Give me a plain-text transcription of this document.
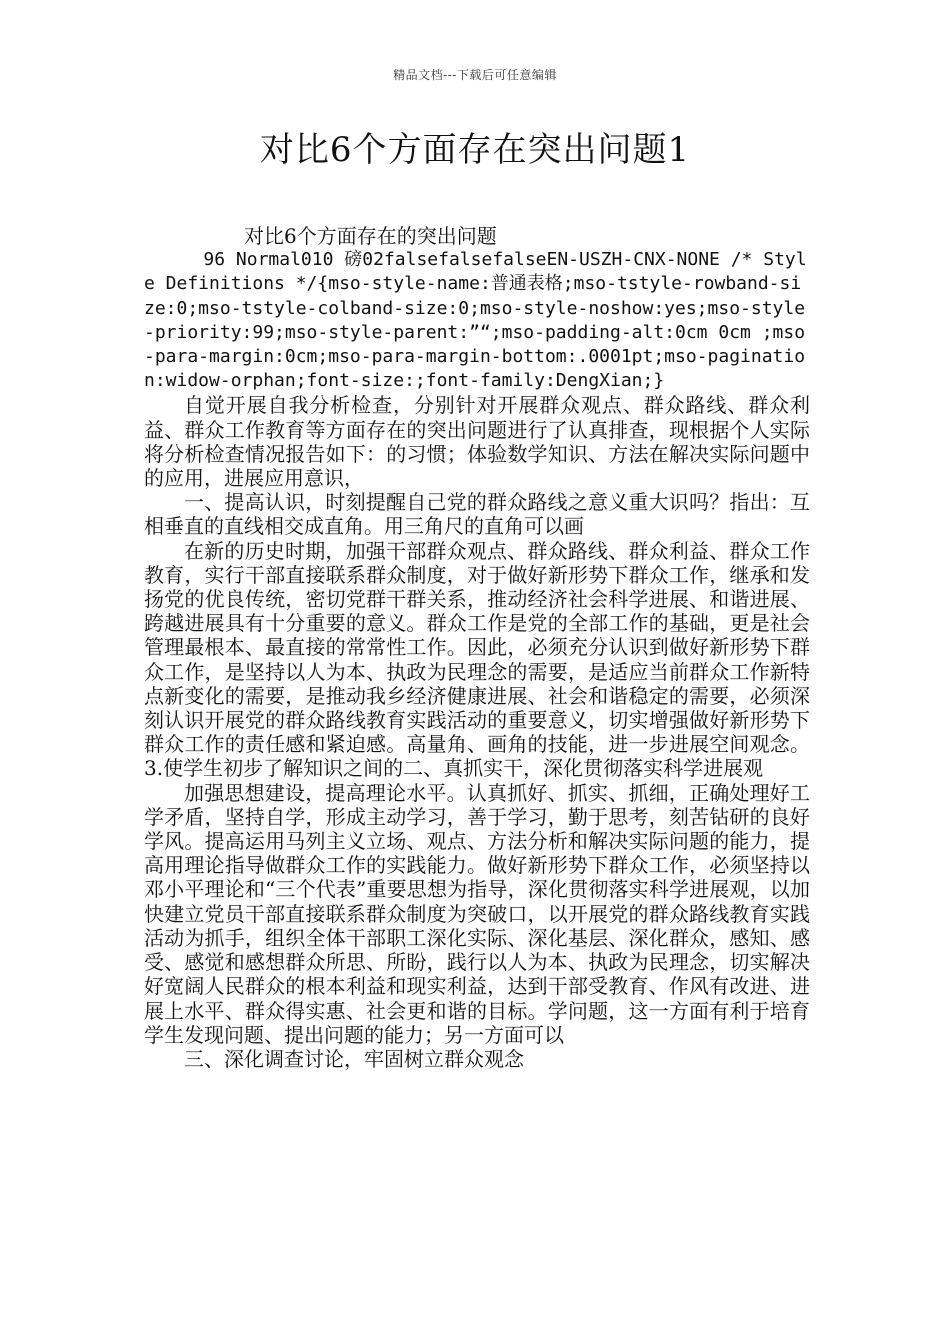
精品文档---下载后可任意编辑
对比6个方面存在突出问题1

对比6个方面存在的突出问题

96 Normal010 磅02falsefalsefalseEN-USZH-CNX-NONE /* Style Definitions */{mso-style-name:普通表格;mso-tstyle-rowband-size:0;mso-tstyle-colband-size:0;mso-style-noshow:yes;mso-style-priority:99;mso-style-parent:”“;mso-padding-alt:0cm 0cm ;mso-para-margin:0cm;mso-para-margin-bottom:.0001pt;mso-pagination:widow-orphan;font-size:;font-family:DengXian;}

自觉开展自我分析检查，分别针对开展群众观点、群众路线、群众利益、群众工作教育等方面存在的突出问题进行了认真排查，现根据个人实际将分析检查情况报告如下：的习惯；体验数学知识、方法在解决实际问题中的应用，进展应用意识，

一、提高认识，时刻提醒自己党的群众路线之意义重大识吗？指出：互相垂直的直线相交成直角。用三角尺的直角可以画

在新的历史时期，加强干部群众观点、群众路线、群众利益、群众工作教育，实行干部直接联系群众制度，对于做好新形势下群众工作，继承和发扬党的优良传统，密切党群干群关系，推动经济社会科学进展、和谐进展、跨越进展具有十分重要的意义。群众工作是党的全部工作的基础，更是社会管理最根本、最直接的常常性工作。因此，必须充分认识到做好新形势下群众工作，是坚持以人为本、执政为民理念的需要，是适应当前群众工作新特点新变化的需要，是推动我乡经济健康进展、社会和谐稳定的需要，必须深刻认识开展党的群众路线教育实践活动的重要意义，切实增强做好新形势下群众工作的责任感和紧迫感。高量角、画角的技能，进一步进展空间观念。3.使学生初步了解知识之间的二、真抓实干，深化贯彻落实科学进展观

加强思想建设，提高理论水平。认真抓好、抓实、抓细，正确处理好工学矛盾，坚持自学，形成主动学习，善于学习，勤于思考，刻苦钻研的良好学风。提高运用马列主义立场、观点、方法分析和解决实际问题的能力，提高用理论指导做群众工作的实践能力。做好新形势下群众工作，必须坚持以邓小平理论和“三个代表”重要思想为指导，深化贯彻落实科学进展观，以加快建立党员干部直接联系群众制度为突破口，以开展党的群众路线教育实践活动为抓手，组织全体干部职工深化实际、深化基层、深化群众，感知、感受、感觉和感想群众所思、所盼，践行以人为本、执政为民理念，切实解决好宽阔人民群众的根本利益和现实利益，达到干部受教育、作风有改进、进展上水平、群众得实惠、社会更和谐的目标。学问题，这一方面有利于培育学生发现问题、提出问题的能力；另一方面可以

三、深化调查讨论，牢固树立群众观念
